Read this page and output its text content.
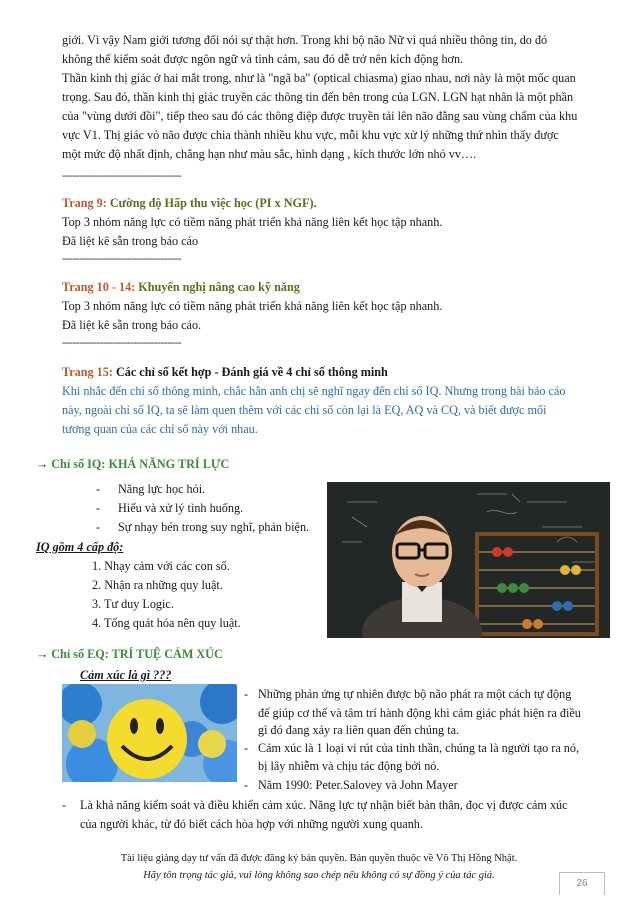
giới. Vì vậy Nam giới tương đối nói sự thật hơn. Trong khi bộ não Nữ vì quá nhiều thông tin, do đó

không thể kiểm soát được ngôn ngữ và tình cảm, sau đó dễ trở nên kích động hơn.

Thần kinh thị giác ở hai mắt trong, như là "ngã ba" (optical chiasma) giao nhau, nơi này là một mốc quan

trọng. Sau đó, thần kinh thị giác truyền các thông tin đến bên trong của LGN. LGN hạt nhân là một phần

của "vùng dưới đồi", tiếp theo sau đó các thông điệp được truyền tải lên não đằng sau vùng chẩm của khu

vực V1. Thị giác vỏ não được chia thành nhiều khu vực, mỗi khu vực xử lý những thứ nhìn thấy được

một mức độ nhất định, chẳng hạn như màu sắc, hình dạng , kích thước lớn nhỏ vv….

-----------------------------------

Trang 9: Cường độ Hấp thu việc học (PI x NGF).

Top 3 nhóm năng lực có tiềm năng phát triển khả năng liên kết học tập nhanh.

Đã liệt kê sẵn trong báo cáo

-----------------------------------

Trang 10 - 14: Khuyến nghị nâng cao kỹ năng

Top 3 nhóm năng lực có tiềm năng phát triển khả năng liên kết học tập nhanh.

Đã liệt kê sẵn trong báo cáo.

-----------------------------------

Trang 15: Các chỉ số kết hợp - Đánh giá về 4 chỉ số thông minh

Khi nhắc đến chỉ số thông minh, chắc hẳn anh chị sẽ nghĩ ngay đến chỉ số IQ. Nhưng trong bài báo cáo

này, ngoài chỉ số IQ, ta sẽ làm quen thêm với các chỉ số còn lại là EQ, AQ và CQ, và biết được mối

tương quan của các chỉ số này với nhau.

→ Chỉ số IQ: KHẢ NĂNG TRÍ LỰC

- Năng lực học hỏi.

- Hiểu và xử lý tình huống.

- Sự nhạy bén trong suy nghĩ, phản biện.

IQ gồm 4 cấp độ:

1. Nhạy cảm với các con số.

2. Nhận ra những quy luật.

3. Tư duy Logic.

4. Tổng quát hóa nên quy luật.

→ Chỉ số EQ: TRÍ TUỆ CẢM XÚC

Cảm xúc là gì ???

- Những phản ứng tự nhiên được bộ não phát ra một cách tự động

để giúp cơ thể và tâm trí hành động khi cảm giác phát hiện ra điều

gì đó đang xảy ra liên quan đến chúng ta.

- Cảm xúc là 1 loại vi rút của tinh thần, chúng ta là người tạo ra nó,

bị lây nhiễm và chịu tác động bởi nó.

- Năm 1990: Peter.Salovey và John Mayer

- Là khả năng kiểm soát và điều khiển cảm xúc. Năng lực tự nhận biết bản thân, đọc vị được cảm xúc

của người khác, từ đó biết cách hòa hợp với những người xung quanh.

Tài liệu giảng dạy tư vấn đã được đăng ký bản quyền. Bản quyền thuộc về Võ Thị Hồng Nhật.
Hãy tôn trọng tác giả, vui lòng không sao chép nếu không có sự đồng ý của tác giả.
26
